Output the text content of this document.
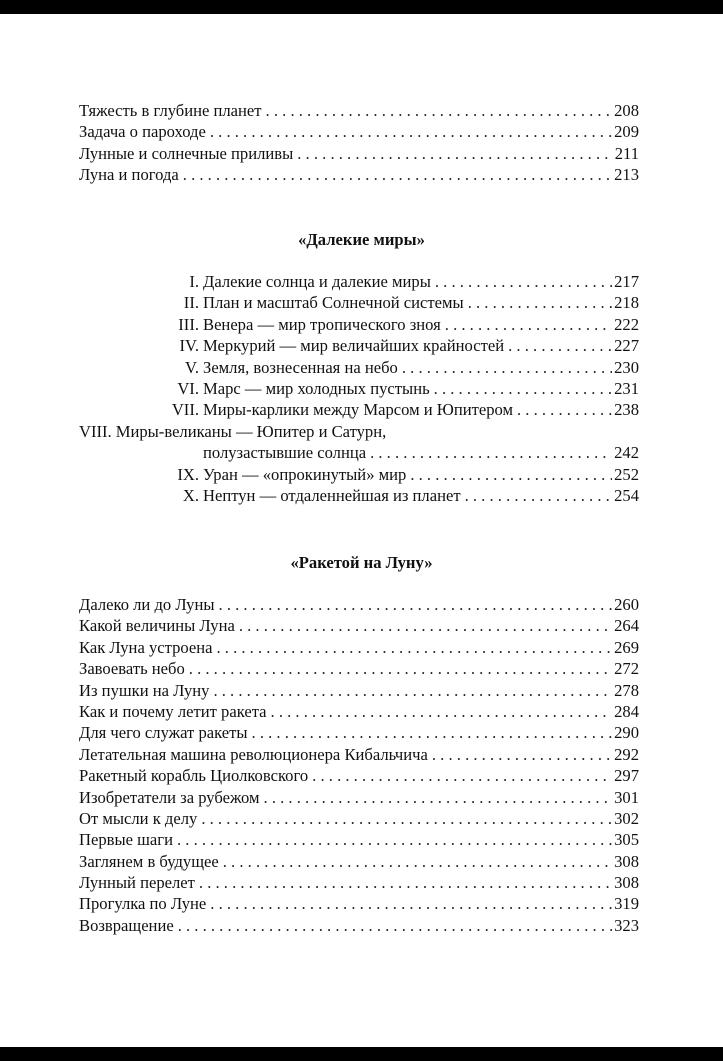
Тяжесть в глубине планет . . .	208
Задача о пароходе . . .	209
Лунные и солнечные приливы . . .	211
Луна и погода . . .	213
«Далекие миры»
I. Далекие солнца и далекие миры . . .	217
II. План и масштаб Солнечной системы . . .	218
III. Венера — мир тропического зноя . . .	222
IV. Меркурий — мир величайших крайностей . . .	227
V. Земля, вознесенная на небо . . .	230
VI. Марс — мир холодных пустынь . . .	231
VII. Миры-карлики между Марсом и Юпитером . . .	238
VIII. Миры-великаны — Юпитер и Сатурн,
полузастывшие солнца . . .	242
IX. Уран — «опрокинутый» мир . . .	252
X. Нептун — отдаленнейшая из планет . . .	254
«Ракетой на Луну»
Далеко ли до Луны . . .	260
Какой величины Луна . . .	264
Как Луна устроена . . .	269
Завоевать небо . . .	272
Из пушки на Луну . . .	278
Как и почему летит ракета . . .	284
Для чего служат ракеты . . .	290
Летательная машина революционера Кибальчича . . .	292
Ракетный корабль Циолковского . . .	297
Изобретатели за рубежом . . .	301
От мысли к делу . . .	302
Первые шаги . . .	305
Заглянем в будущее . . .	308
Лунный перелет . . .	308
Прогулка по Луне . . .	319
Возвращение . . .	323
